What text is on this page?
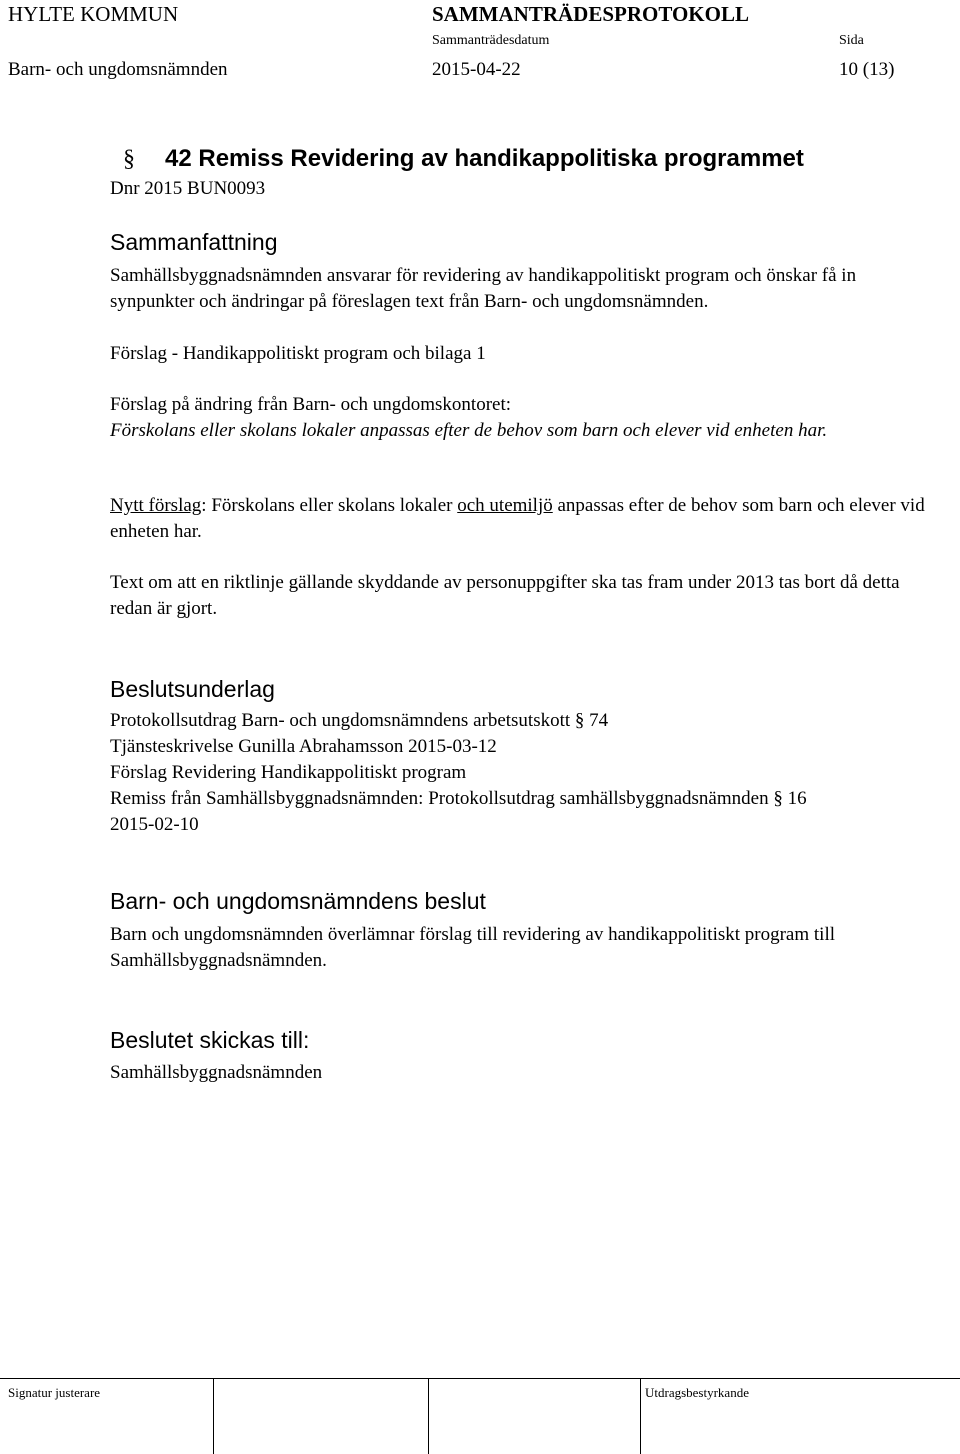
HYLTE KOMMUN	SAMMANTRÄDESPROTOKOLL
Sammanträdesdatum	Sida
Barn- och ungdomsnämnden	2015-04-22	10 (13)
§ 42 Remiss Revidering av handikappolitiska programmet
Dnr 2015 BUN0093
Sammanfattning
Samhällsbyggnadsnämnden ansvarar för revidering av handikappolitiskt program och önskar få in synpunkter och ändringar på föreslagen text från Barn- och ungdomsnämnden.
Förslag - Handikappolitiskt program och bilaga 1
Förslag på ändring från Barn- och ungdomskontoret:
Förskolans eller skolans lokaler anpassas efter de behov som barn och elever vid enheten har.
Nytt förslag: Förskolans eller skolans lokaler och utemiljö anpassas efter de behov som barn och elever vid enheten har.
Text om att en riktlinje gällande skyddande av personuppgifter ska tas fram under 2013 tas bort då detta redan är gjort.
Beslutsunderlag
Protokollsutdrag Barn- och ungdomsnämndens arbetsutskott § 74
Tjänsteskrivelse Gunilla Abrahamsson 2015-03-12
Förslag Revidering Handikappolitiskt program
Remiss från Samhällsbyggnadsnämnden: Protokollsutdrag samhällsbyggnadsnämnden § 16
2015-02-10
Barn- och ungdomsnämndens beslut
Barn och ungdomsnämnden överlämnar förslag till revidering av handikappolitiskt program till Samhällsbyggnadsnämnden.
Beslutet skickas till:
Samhällsbyggnadsnämnden
Signatur justerare	Utdragsbestyrkande
